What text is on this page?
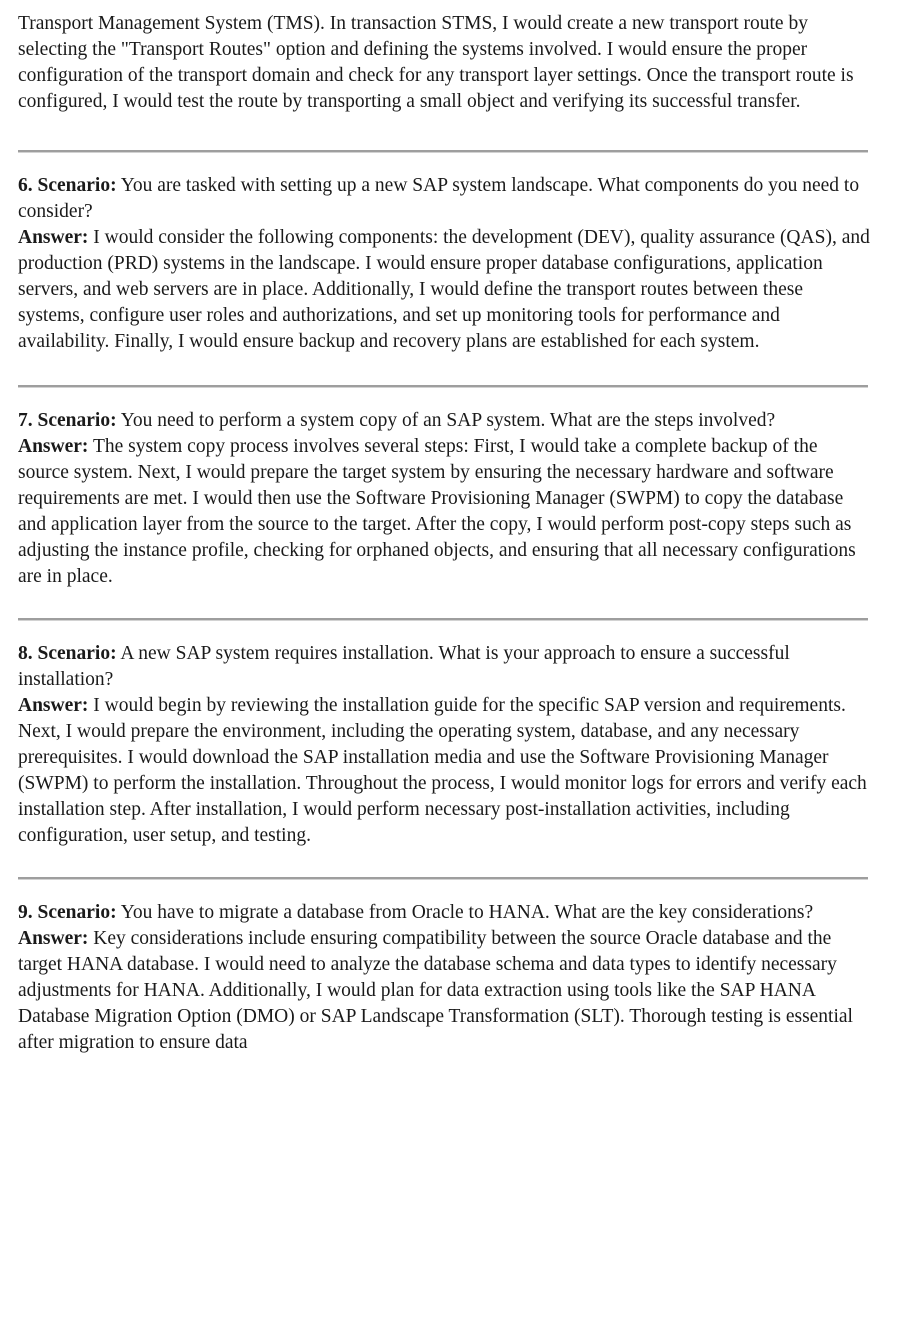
Transport Management System (TMS). In transaction STMS, I would create a new transport route by selecting the "Transport Routes" option and defining the systems involved. I would ensure the proper configuration of the transport domain and check for any transport layer settings. Once the transport route is configured, I would test the route by transporting a small object and verifying its successful transfer.

6. Scenario: You are tasked with setting up a new SAP system landscape. What components do you need to consider?

Answer: I would consider the following components: the development (DEV), quality assurance (QAS), and production (PRD) systems in the landscape. I would ensure proper database configurations, application servers, and web servers are in place. Additionally, I would define the transport routes between these systems, configure user roles and authorizations, and set up monitoring tools for performance and availability. Finally, I would ensure backup and recovery plans are established for each system.

7. Scenario: You need to perform a system copy of an SAP system. What are the steps involved?

Answer: The system copy process involves several steps: First, I would take a complete backup of the source system. Next, I would prepare the target system by ensuring the necessary hardware and software requirements are met. I would then use the Software Provisioning Manager (SWPM) to copy the database and application layer from the source to the target. After the copy, I would perform post-copy steps such as adjusting the instance profile, checking for orphaned objects, and ensuring that all necessary configurations are in place.

8. Scenario: A new SAP system requires installation. What is your approach to ensure a successful installation?

Answer: I would begin by reviewing the installation guide for the specific SAP version and requirements. Next, I would prepare the environment, including the operating system, database, and any necessary prerequisites. I would download the SAP installation media and use the Software Provisioning Manager (SWPM) to perform the installation. Throughout the process, I would monitor logs for errors and verify each installation step. After installation, I would perform necessary post-installation activities, including configuration, user setup, and testing.

9. Scenario: You have to migrate a database from Oracle to HANA. What are the key considerations?

Answer: Key considerations include ensuring compatibility between the source Oracle database and the target HANA database. I would need to analyze the database schema and data types to identify necessary adjustments for HANA. Additionally, I would plan for data extraction using tools like the SAP HANA Database Migration Option (DMO) or SAP Landscape Transformation (SLT). Thorough testing is essential after migration to ensure data
